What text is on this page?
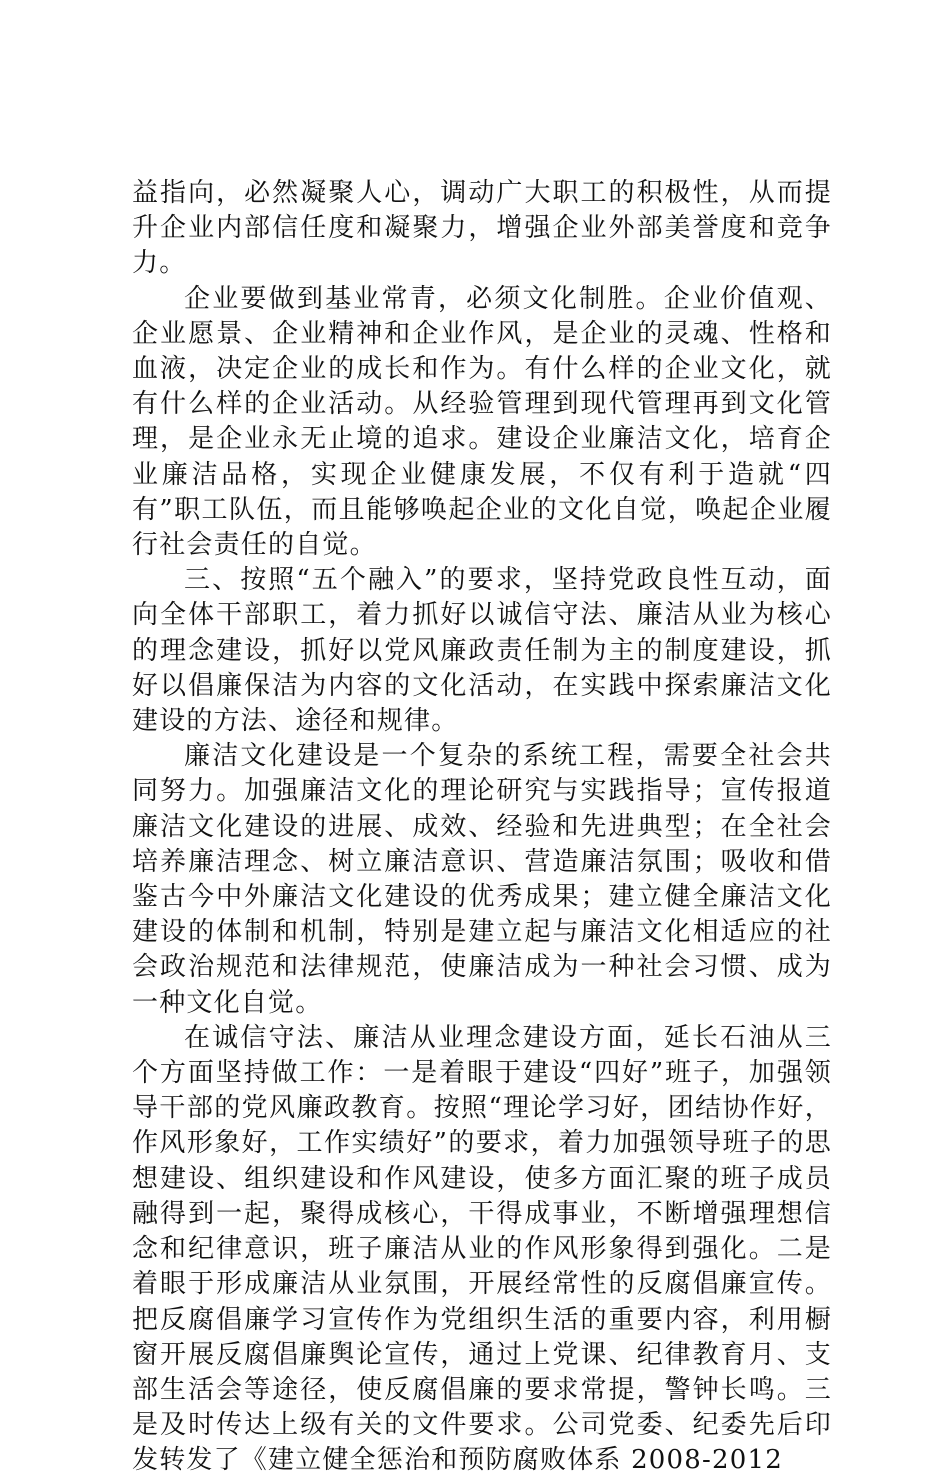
益指向，必然凝聚人心，调动广大职工的积极性，从而提升企业内部信任度和凝聚力，增强企业外部美誉度和竞争力。

企业要做到基业常青，必须文化制胜。企业价值观、企业愿景、企业精神和企业作风，是企业的灵魂、性格和血液，决定企业的成长和作为。有什么样的企业文化，就有什么样的企业活动。从经验管理到现代管理再到文化管理，是企业永无止境的追求。建设企业廉洁文化，培育企业廉洁品格，实现企业健康发展，不仅有利于造就“四有”职工队伍，而且能够唤起企业的文化自觉，唤起企业履行社会责任的自觉。

三、按照“五个融入”的要求，坚持党政良性互动，面向全体干部职工，着力抓好以诚信守法、廉洁从业为核心的理念建设，抓好以党风廉政责任制为主的制度建设，抓好以倡廉保洁为内容的文化活动，在实践中探索廉洁文化建设的方法、途径和规律。

廉洁文化建设是一个复杂的系统工程，需要全社会共同努力。加强廉洁文化的理论研究与实践指导；宣传报道廉洁文化建设的进展、成效、经验和先进典型；在全社会培养廉洁理念、树立廉洁意识、营造廉洁氛围；吸收和借鉴古今中外廉洁文化建设的优秀成果；建立健全廉洁文化建设的体制和机制，特别是建立起与廉洁文化相适应的社会政治规范和法律规范，使廉洁成为一种社会习惯、成为一种文化自觉。

在诚信守法、廉洁从业理念建设方面，延长石油从三个方面坚持做工作：一是着眼于建设“四好”班子，加强领导干部的党风廉政教育。按照“理论学习好，团结协作好，作风形象好，工作实绩好”的要求，着力加强领导班子的思想建设、组织建设和作风建设，使多方面汇聚的班子成员融得到一起，聚得成核心，干得成事业，不断增强理想信念和纪律意识，班子廉洁从业的作风形象得到强化。二是着眼于形成廉洁从业氛围，开展经常性的反腐倡廉宣传。把反腐倡廉学习宣传作为党组织生活的重要内容，利用橱窗开展反腐倡廉舆论宣传，通过上党课、纪律教育月、支部生活会等途径，使反腐倡廉的要求常提，警钟长鸣。三是及时传达上级有关的文件要求。公司党委、纪委先后印发转发了《建立健全惩治和预防腐败体系 2008-2012
